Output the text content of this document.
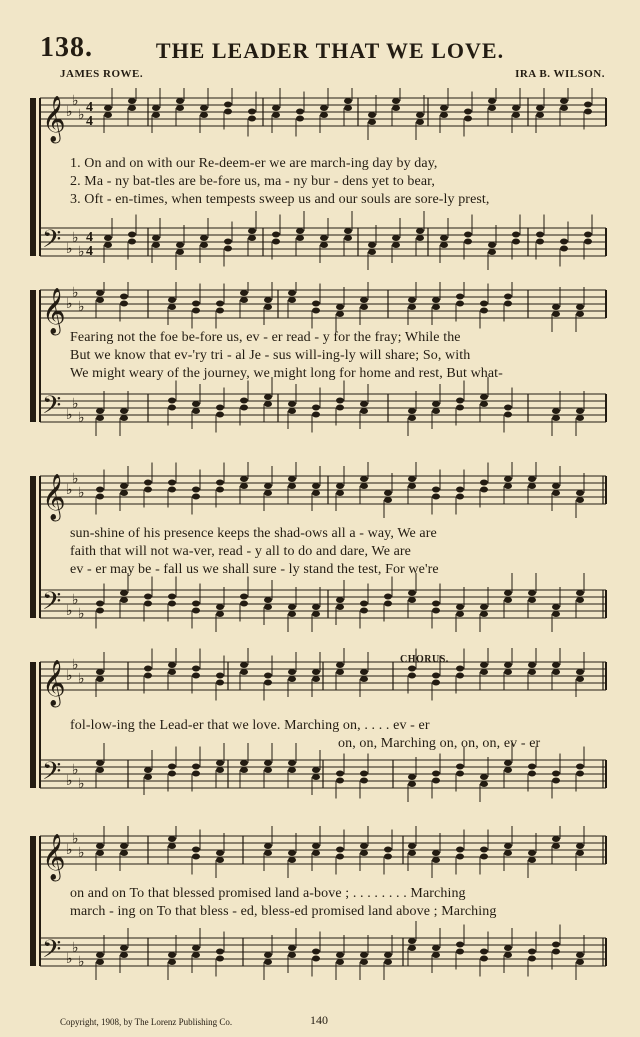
138.	THE LEADER THAT WE LOVE.
JAMES ROWE.	IRA B. WILSON.
𝄞
𝄢
♭
♭
♭
♭
♭
♭
4
4
4
4
1. On and on with our Re-deem-er we are march-ing day by day,
2. Ma - ny bat-tles are be-fore us, ma - ny bur - dens yet to bear,
3. Oft - en-times, when tempests sweep us and our souls are sore-ly prest,
𝄞
𝄢
♭
♭
♭
♭
♭
♭
Fearing not the foe be-fore us, ev - er read - y for the fray; While the
But we know that ev-'ry tri - al Je - sus will-ing-ly will share; So, with
We might weary of the journey, we might long for home and rest, But what-
𝄞
𝄢
♭
♭
♭
♭
♭
♭
sun-shine of his presence keeps the shad-ows all a - way, We are
faith that will not wa-ver, read - y all to do and dare, We are
ev - er may be - fall us we shall sure - ly stand the test, For we're
𝄞
𝄢
♭
♭
♭
♭
♭
♭
CHORUS.
fol-low-ing the Lead-er that we love. Marching on, . . . . ev - er
on, on, Marching on, on, on, ev - er
𝄞
𝄢
♭
♭
♭
♭
♭
♭
on and on To that blessed promised land a-bove ; . . . . . . . . Marching
march - ing on To that bless - ed, bless-ed promised land above ; Marching
Copyright, 1908, by The Lorenz Publishing Co.	140
